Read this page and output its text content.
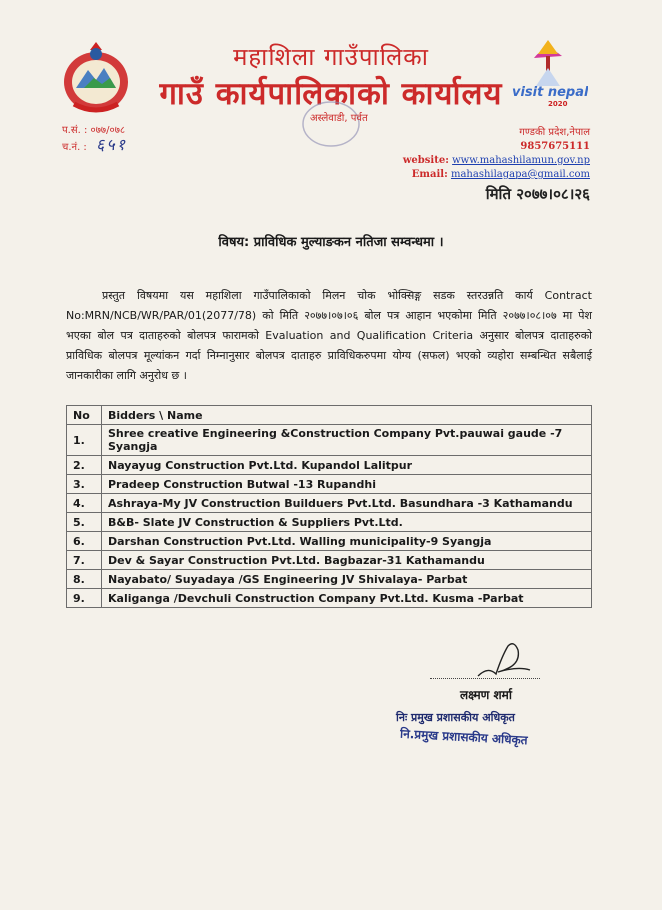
महाशिला गाउँपालिका
गाउँ कार्यपालिकाको कार्यालय
अस्लेवाडी, पर्वत
visit nepal
2020
प.सं. : ०७७/०७८
च.नं. : ६५१
गण्डकी प्रदेश,नेपाल
9857675111
website: www.mahashilamun.gov.np
Email: mahashilagapa@gmail.com
मिति २०७७।०८।२६
विषय: प्राविधिक मुल्याङकन नतिजा सम्वन्धमा ।
प्रस्तुत विषयमा यस महाशिला गाउँपालिकाको मिलन चोक भोक्सिङ्ग सडक स्तरउन्नति कार्य Contract No:MRN/NCB/WR/PAR/01(2077/78) को मिति २०७७।०७।०६ बोल पत्र आहान भएकोमा मिति २०७७।०८।०७ मा पेश भएका बोल पत्र दाताहरुको बोलपत्र फारामको Evaluation and Qualification Criteria अनुसार बोलपत्र दाताहरुको प्राविधिक बोलपत्र मूल्यांकन गर्दा निम्नानुसार बोलपत्र दाताहरु प्राविधिकरुपमा योग्य (सफल) भएको व्यहोरा सम्बन्धित सबैलाई जानकारीका लागि अनुरोध छ ।
No	Bidders \ Name
1.	Shree creative Engineering &Construction Company Pvt.pauwai gaude -7 Syangja
2.	Nayayug Construction Pvt.Ltd. Kupandol Lalitpur
3.	Pradeep Construction Butwal -13 Rupandhi
4.	Ashraya-My JV Construction Builduers Pvt.Ltd. Basundhara -3 Kathamandu
5.	B&B- Slate JV Construction & Suppliers Pvt.Ltd.
6.	Darshan Construction Pvt.Ltd. Walling municipality-9 Syangja
7.	Dev & Sayar Construction Pvt.Ltd. Bagbazar-31 Kathamandu
8.	Nayabato/ Suyadaya /GS Engineering JV Shivalaya- Parbat
9.	Kaliganga /Devchuli Construction Company Pvt.Ltd. Kusma -Parbat
लक्ष्मण शर्मा
निः प्रमुख प्रशासकीय अधिकृत
नि.प्रमुख प्रशासकीय अधिकृत
